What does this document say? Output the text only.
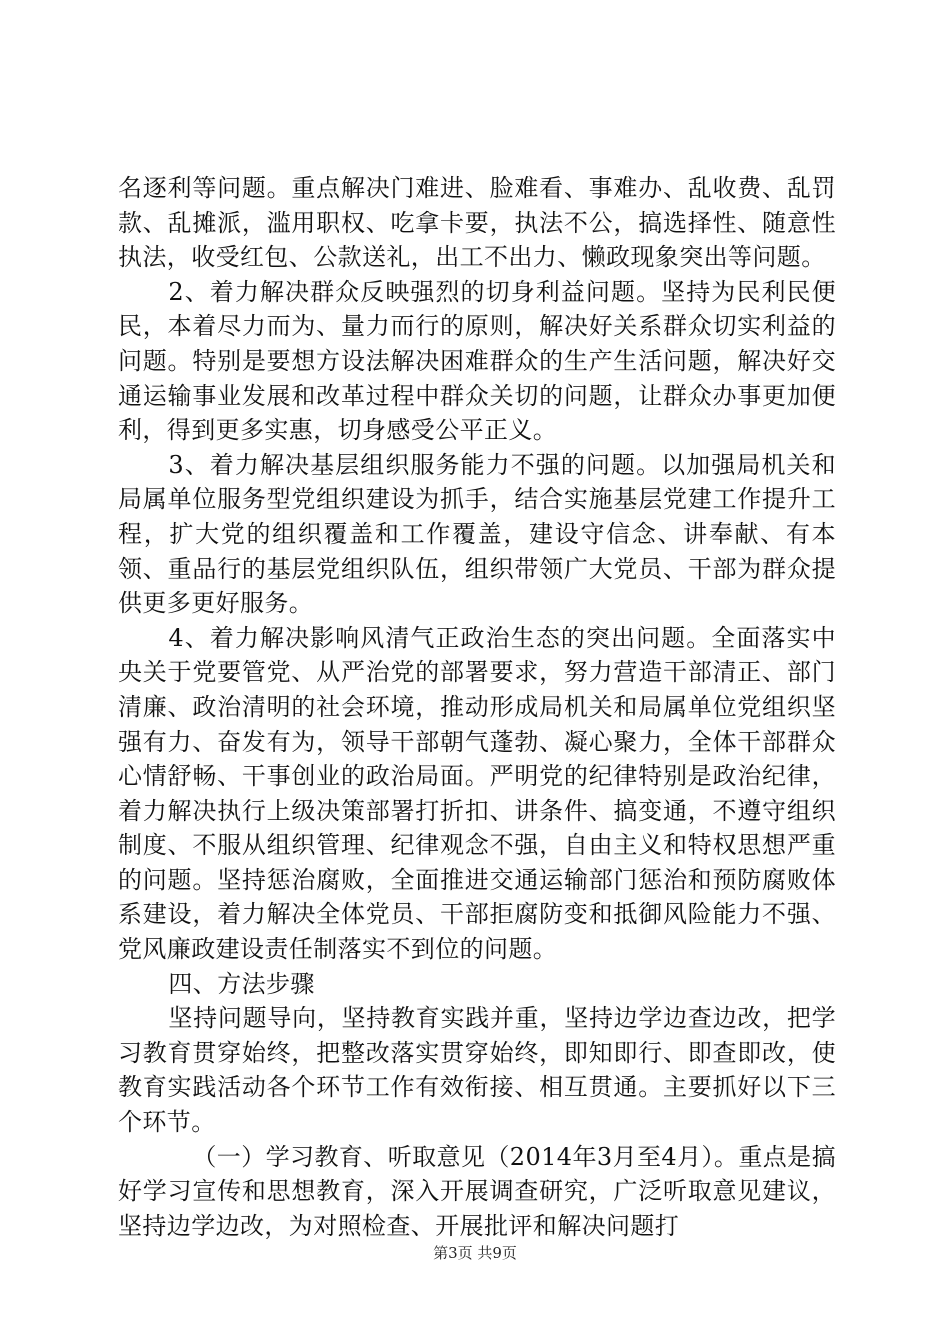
名逐利等问题。重点解决门难进、脸难看、事难办、乱收费、乱罚款、乱摊派，滥用职权、吃拿卡要，执法不公，搞选择性、随意性执法，收受红包、公款送礼，出工不出力、懒政现象突出等问题。

2、着力解决群众反映强烈的切身利益问题。坚持为民利民便民，本着尽力而为、量力而行的原则，解决好关系群众切实利益的问题。特别是要想方设法解决困难群众的生产生活问题，解决好交通运输事业发展和改革过程中群众关切的问题，让群众办事更加便利，得到更多实惠，切身感受公平正义。

3、着力解决基层组织服务能力不强的问题。以加强局机关和局属单位服务型党组织建设为抓手，结合实施基层党建工作提升工程，扩大党的组织覆盖和工作覆盖，建设守信念、讲奉献、有本领、重品行的基层党组织队伍，组织带领广大党员、干部为群众提供更多更好服务。

4、着力解决影响风清气正政治生态的突出问题。全面落实中央关于党要管党、从严治党的部署要求，努力营造干部清正、部门清廉、政治清明的社会环境，推动形成局机关和局属单位党组织坚强有力、奋发有为，领导干部朝气蓬勃、凝心聚力，全体干部群众心情舒畅、干事创业的政治局面。严明党的纪律特别是政治纪律，着力解决执行上级决策部署打折扣、讲条件、搞变通，不遵守组织制度、不服从组织管理、纪律观念不强，自由主义和特权思想严重的问题。坚持惩治腐败，全面推进交通运输部门惩治和预防腐败体系建设，着力解决全体党员、干部拒腐防变和抵御风险能力不强、党风廉政建设责任制落实不到位的问题。

四、方法步骤

坚持问题导向，坚持教育实践并重，坚持边学边查边改，把学习教育贯穿始终，把整改落实贯穿始终，即知即行、即查即改，使教育实践活动各个环节工作有效衔接、相互贯通。主要抓好以下三个环节。

（一）学习教育、听取意见（2014年3月至4月）。重点是搞好学习宣传和思想教育，深入开展调查研究，广泛听取意见建议，坚持边学边改，为对照检查、开展批评和解决问题打

第3页 共9页
